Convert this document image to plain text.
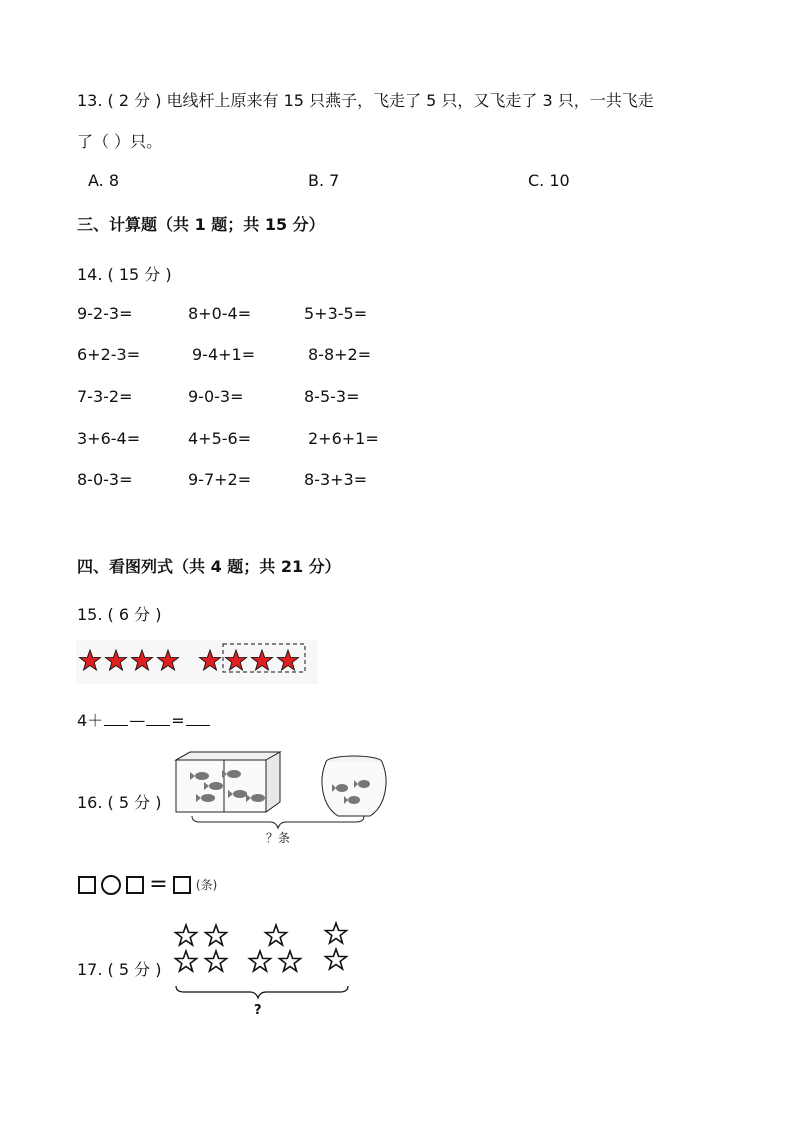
13. ( 2 分 ) 电线杆上原来有 15 只燕子，飞走了 5 只，又飞走了 3 只，一共飞走
了（ ）只。
A. 8	B. 7	C. 10
三、计算题（共 1 题；共 15 分）
14. ( 15 分 )
9-2-3=	8+0-4=	5+3-5=
6+2-3=	9-4+1=	8-8+2=
7-3-2=	9-0-3=	8-5-3=
3+6-4=	4+5-6=	2+6+1=
8-0-3=	9-7+2=	8-3+3=
四、看图列式（共 4 题；共 21 分）
15. ( 6 分 )
4＋ — =
16. ( 5 分 )
？条
= (条)
17. ( 5 分 )
?
